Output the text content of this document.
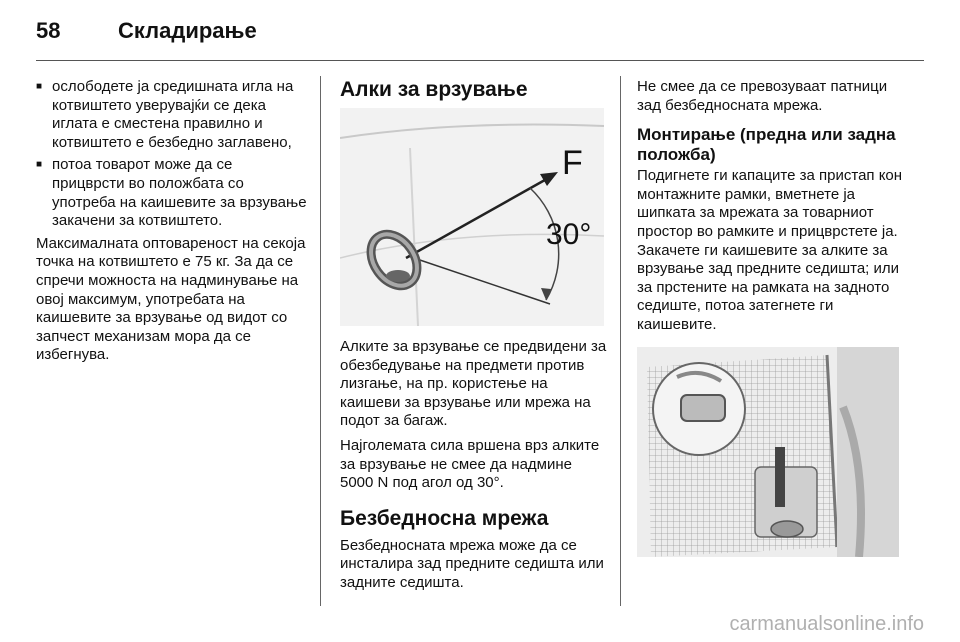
58	Складирање
■ ослободете ја средишната игла на котвиштето уверувајќи се дека иглата е сместена правилно и котвиштето е безбедно заглавено,
■ потоа товарот може да се прицврсти во положбата со употреба на каишевите за врзување закачени за котвиштето.

Максималната оптовареност на секоја точка на котвиштето е 75 кг. За да се спречи можноста на надминување на овој максимум, употребата на каишевите за врзување од видот со запчест механизам мора да се избегнува.

Алки за врзување
F
30°

Алките за врзување се предвидени за обезбедување на предмети против лизгање, на пр. користење на каишеви за врзување или мрежа на подот за багаж.

Најголемата сила вршена врз алките за врзување не смее да надмине 5000 N под агол од 30°.

Безбедносна мрежа

Безбедносната мрежа може да се инсталира зад предните седишта или задните седишта.

Не смее да се превозуваат патници зад безбедносната мрежа.

Монтирање (предна или задна положба)

Подигнете ги капаците за пристап кон монтажните рамки, вметнете ја шипката за мрежата за товарниот простор во рамките и прицврстете ја. Закачете ги каишевите за алките за врзување зад предните седишта; или за прстените на рамката на задното седиште, потоа затегнете ги каишевите.

carmanualsonline.info
